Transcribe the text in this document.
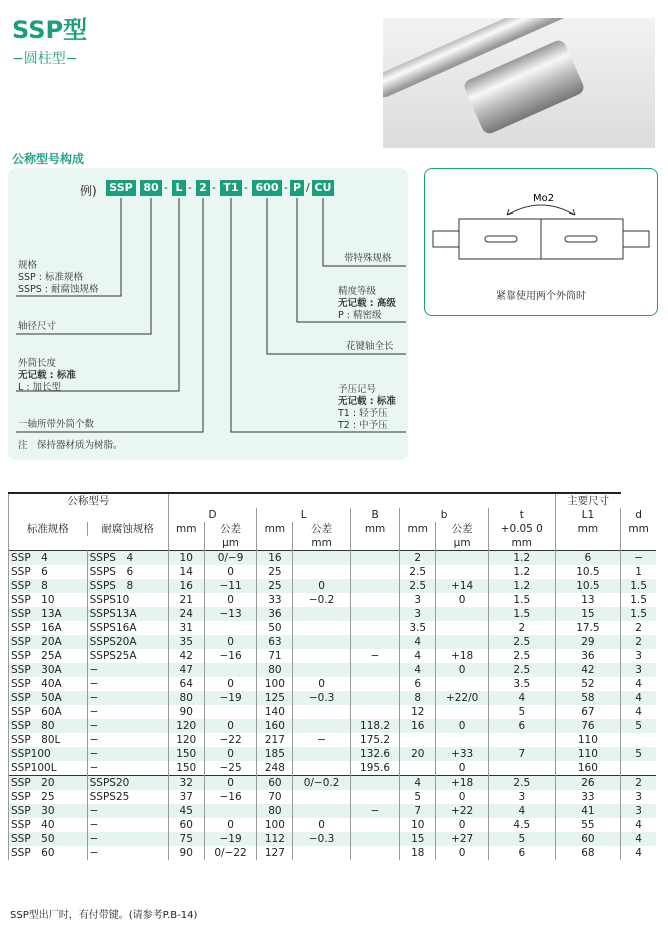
SSP型
−圆柱型−
公称型号构成
例) SSP 80 - L - 2 - T1 - 600 - P / CU
规格
SSP : 标准规格
SSPS : 耐腐蚀规格
轴径尺寸
外筒长度
无记载 : 标准
L : 加长型
一轴所带外筒个数
注　保持器材质为树脂。
带特殊规格
精度等级
无记载 : 高级
P : 精密级
花键轴全长
予压记号
无记载 : 标准
T1 : 轻予压
T2 : 中予压
Mo2
紧靠使用两个外筒时
公称型号										主要尺寸	
		D		L		B	b		t	L1	d
标准规格	耐腐蚀规格	mm	公差	mm	公差	mm	mm	公差	+0.05 0	mm	mm
			μm		mm			μm	mm		
SSP　4	SSPS　4	10	0/−9	16			2		1.2	6	−
SSP　6	SSPS　6	14	0	25			2.5		1.2	10.5	1
SSP　8	SSPS　8	16	−11	25	0		2.5	+14	1.2	10.5	1.5
SSP　10	SSPS10	21	0	33	−0.2		3	0	1.5	13	1.5
SSP　13A	SSPS13A	24	−13	36			3		1.5	15	1.5
SSP　16A	SSPS16A	31		50			3.5		2	17.5	2
SSP　20A	SSPS20A	35	0	63			4		2.5	29	2
SSP　25A	SSPS25A	42	−16	71		−	4	+18	2.5	36	3
SSP　30A	−	47		80			4	0	2.5	42	3
SSP　40A	−	64	0	100	0		6		3.5	52	4
SSP　50A	−	80	−19	125	−0.3		8	+22/0	4	58	4
SSP　60A	−	90		140			12		5	67	4
SSP　80	−	120	0	160		118.2	16	0	6	76	5
SSP　80L	−	120	−22	217	−	175.2				110	
SSP100	−	150	0	185		132.6	20	+33	7	110	5
SSP100L	−	150	−25	248		195.6		0		160	
SSP　20	SSPS20	32	0	60	0/−0.2		4	+18	2.5	26	2
SSP　25	SSPS25	37	−16	70			5	0	3	33	3
SSP　30	−	45		80		−	7	+22	4	41	3
SSP　40	−	60	0	100	0		10	0	4.5	55	4
SSP　50	−	75	−19	112	−0.3		15	+27	5	60	4
SSP　60	−	90	0/−22	127			18	0	6	68	4
SSP型出厂时，有付带键。(请参考P.B-14)
